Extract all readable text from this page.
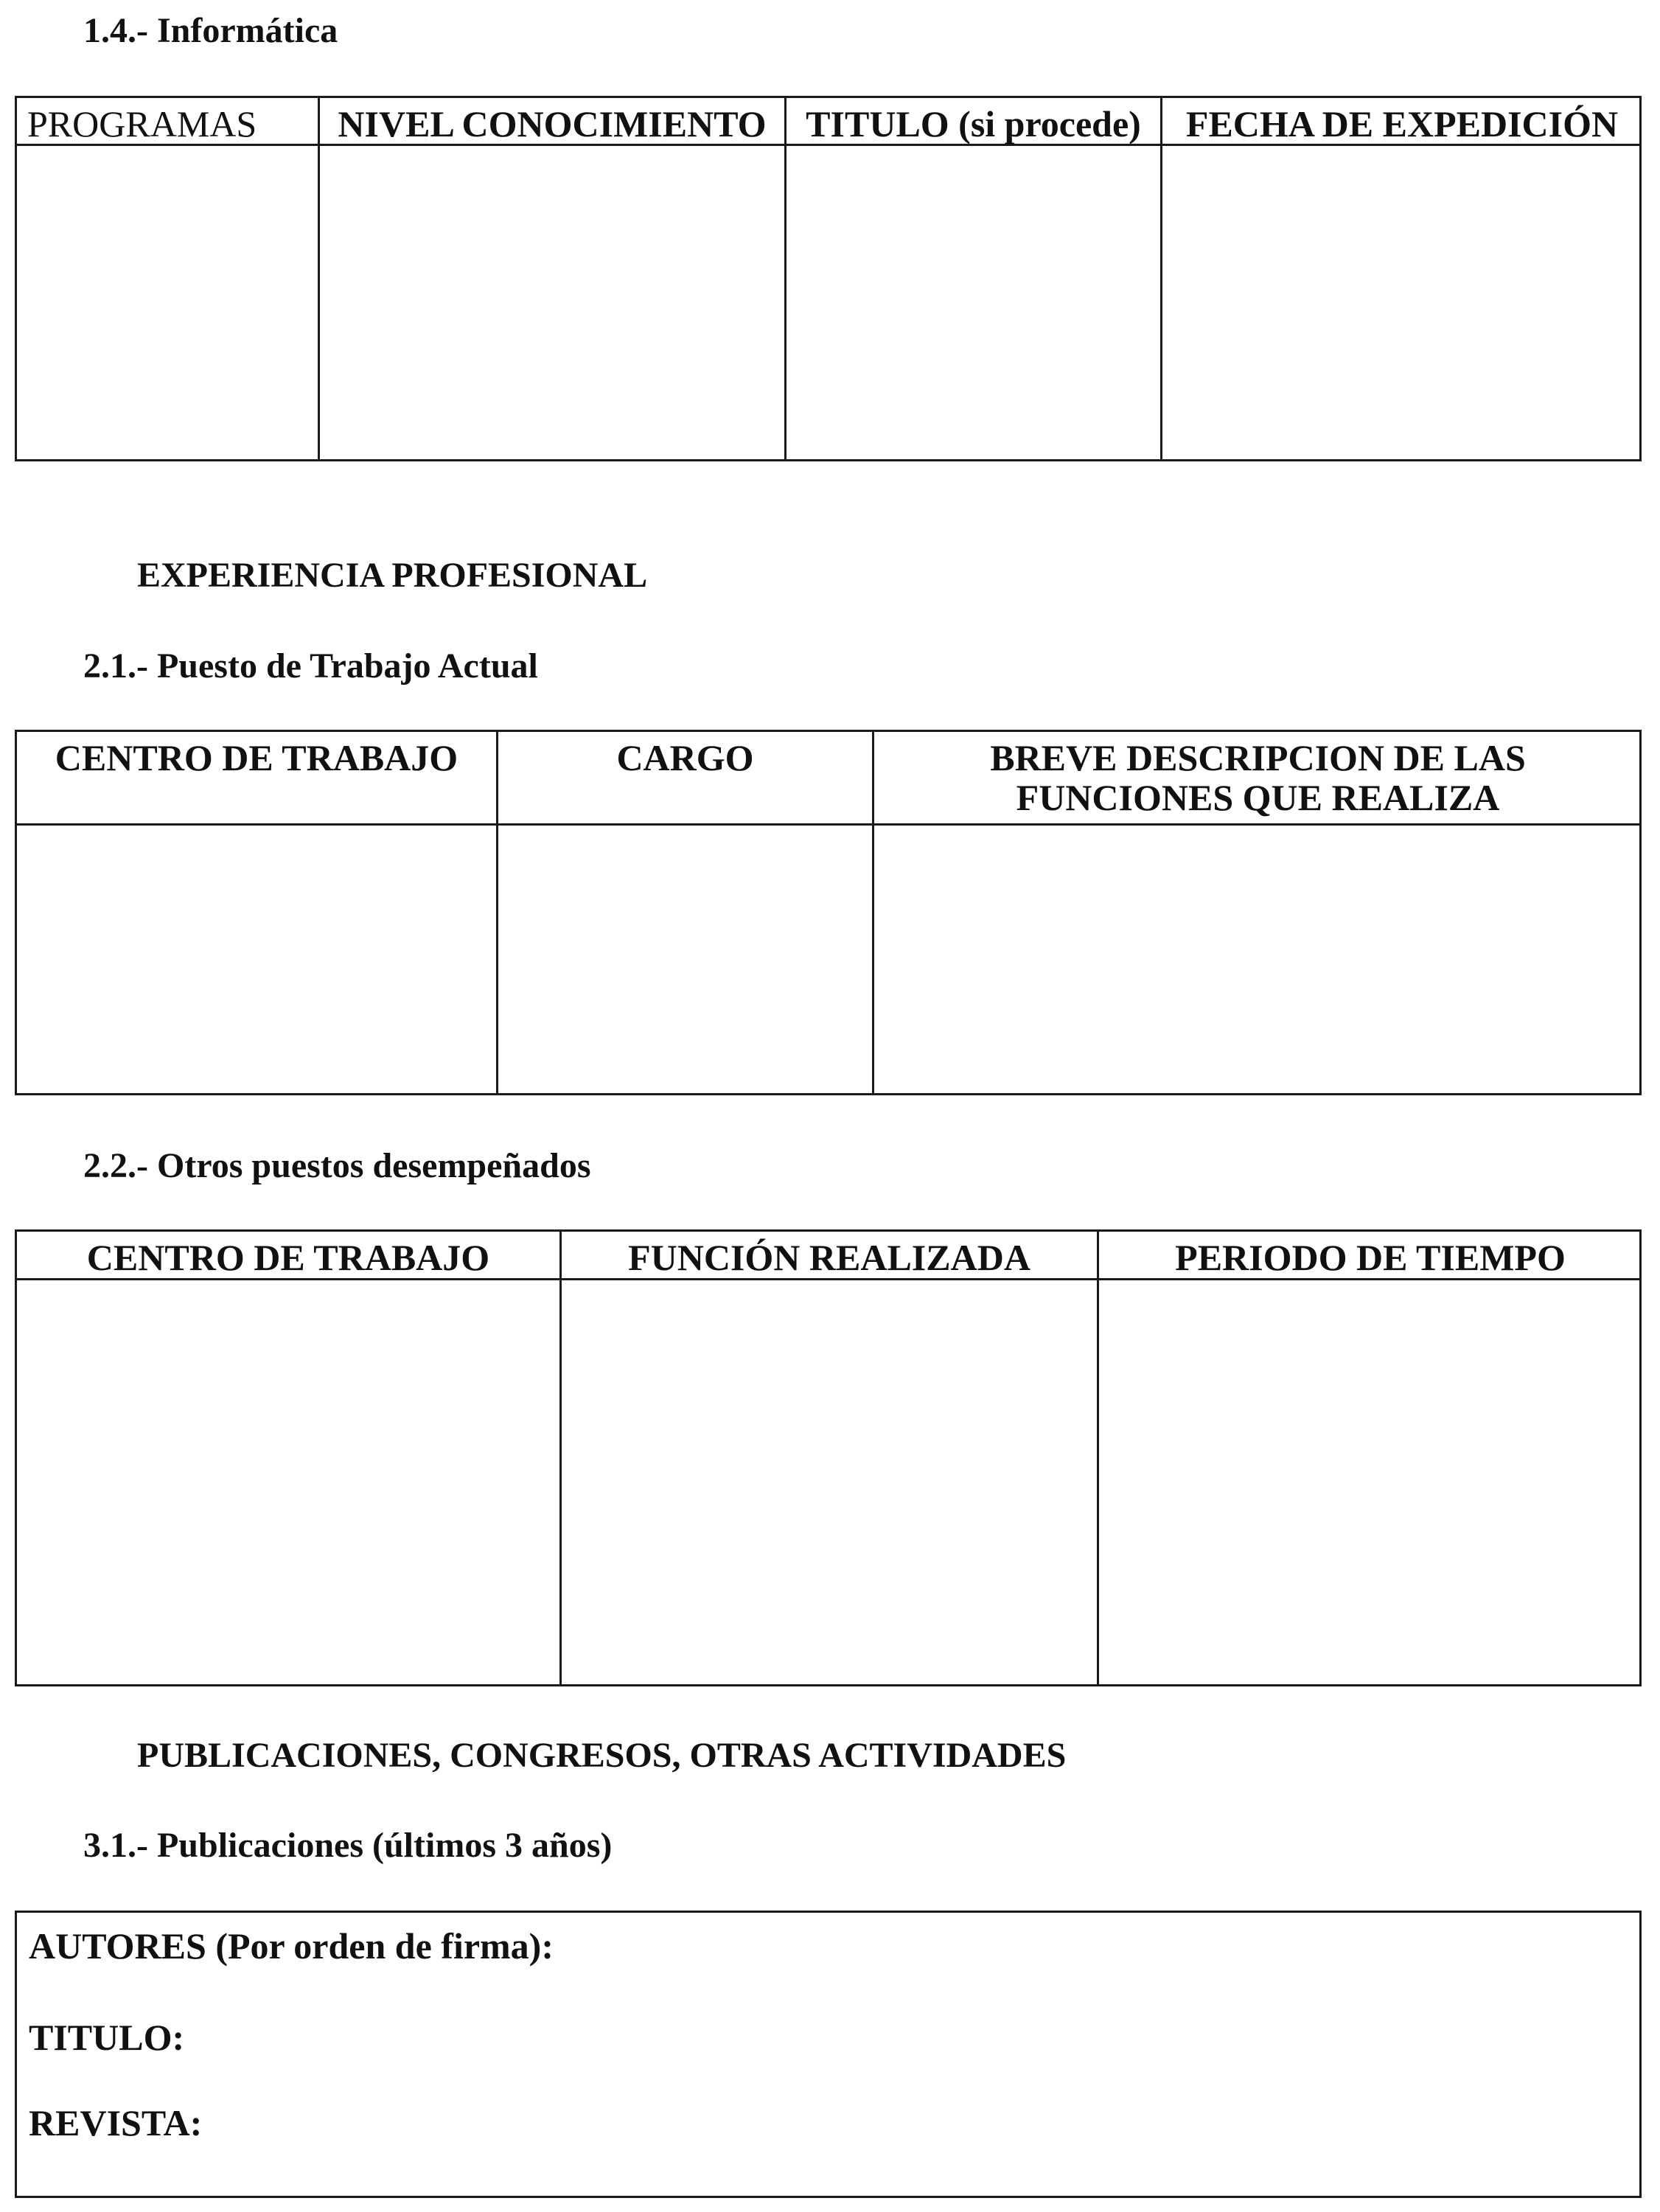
1.4.- Informática
PROGRAMAS	NIVEL CONOCIMIENTO	TITULO (si procede)	FECHA DE EXPEDICIÓN
EXPERIENCIA PROFESIONAL
2.1.- Puesto de Trabajo Actual
CENTRO DE TRABAJO	CARGO	BREVE DESCRIPCION DE LAS
FUNCIONES QUE REALIZA
2.2.- Otros puestos desempeñados
CENTRO DE TRABAJO	FUNCIÓN REALIZADA	PERIODO DE TIEMPO
PUBLICACIONES, CONGRESOS, OTRAS ACTIVIDADES
3.1.- Publicaciones (últimos 3 años)
AUTORES (Por orden de firma):
TITULO:
REVISTA:
